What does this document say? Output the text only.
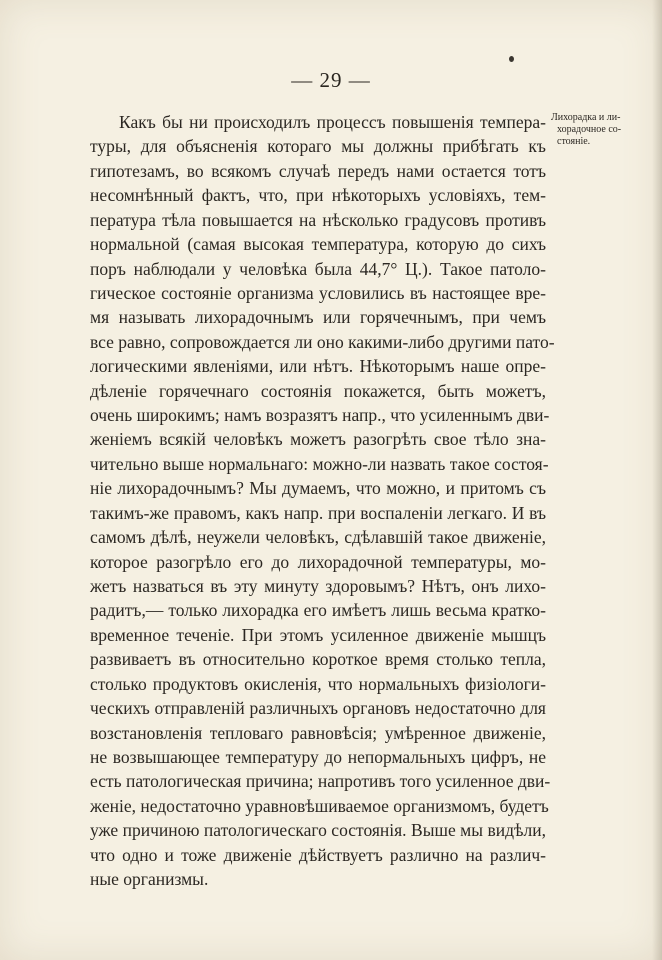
— 29 —
Лихорадка и ли-
хорадочное со-
стояніе.
Какъ бы ни происходилъ процессъ повышенія темпера-
туры, для объясненія котораго мы должны прибѣгать къ
гипотезамъ, во всякомъ случаѣ передъ нами остается тотъ
несомнѣнный фактъ, что, при нѣкоторыхъ условіяхъ, тем-
пература тѣла повышается на нѣсколько градусовъ противъ
нормальной (самая высокая температура, которую до сихъ
поръ наблюдали у человѣка была 44,7° Ц.). Такое патоло-
гическое состояніе организма условились въ настоящее вре-
мя называть лихорадочнымъ или горячечнымъ, при чемъ
все равно, сопровождается ли оно какими-либо другими пато-
логическими явленіями, или нѣтъ. Нѣкоторымъ наше опре-
дѣленіе горячечнаго состоянія покажется, быть можетъ,
очень широкимъ; намъ возразятъ напр., что усиленнымъ дви-
женіемъ всякій человѣкъ можетъ разогрѣть свое тѣло зна-
чительно выше нормальнаго: можно-ли назвать такое состоя-
ніе лихорадочнымъ? Мы думаемъ, что можно, и притомъ съ
такимъ-же правомъ, какъ напр. при воспаленіи легкаго. И въ
самомъ дѣлѣ, неужели человѣкъ, сдѣлавшій такое движеніе,
которое разогрѣло его до лихорадочной температуры, мо-
жетъ назваться въ эту минуту здоровымъ? Нѣтъ, онъ лихо-
радитъ,— только лихорадка его имѣетъ лишь весьма кратко-
временное теченіе. При этомъ усиленное движеніе мышцъ
развиваетъ въ относительно короткое время столько тепла,
столько продуктовъ окисленія, что нормальныхъ физіологи-
ческихъ отправленій различныхъ органовъ недостаточно для
возстановленія тепловаго равновѣсія; умѣренное движеніе,
не возвышающее температуру до непормальныхъ цифръ, не
есть патологическая причина; напротивъ того усиленное дви-
женіе, недостаточно уравновѣшиваемое организмомъ, будетъ
уже причиною патологическаго состоянія. Выше мы видѣли,
что одно и тоже движеніе дѣйствуетъ различно на различ-
ные организмы.
